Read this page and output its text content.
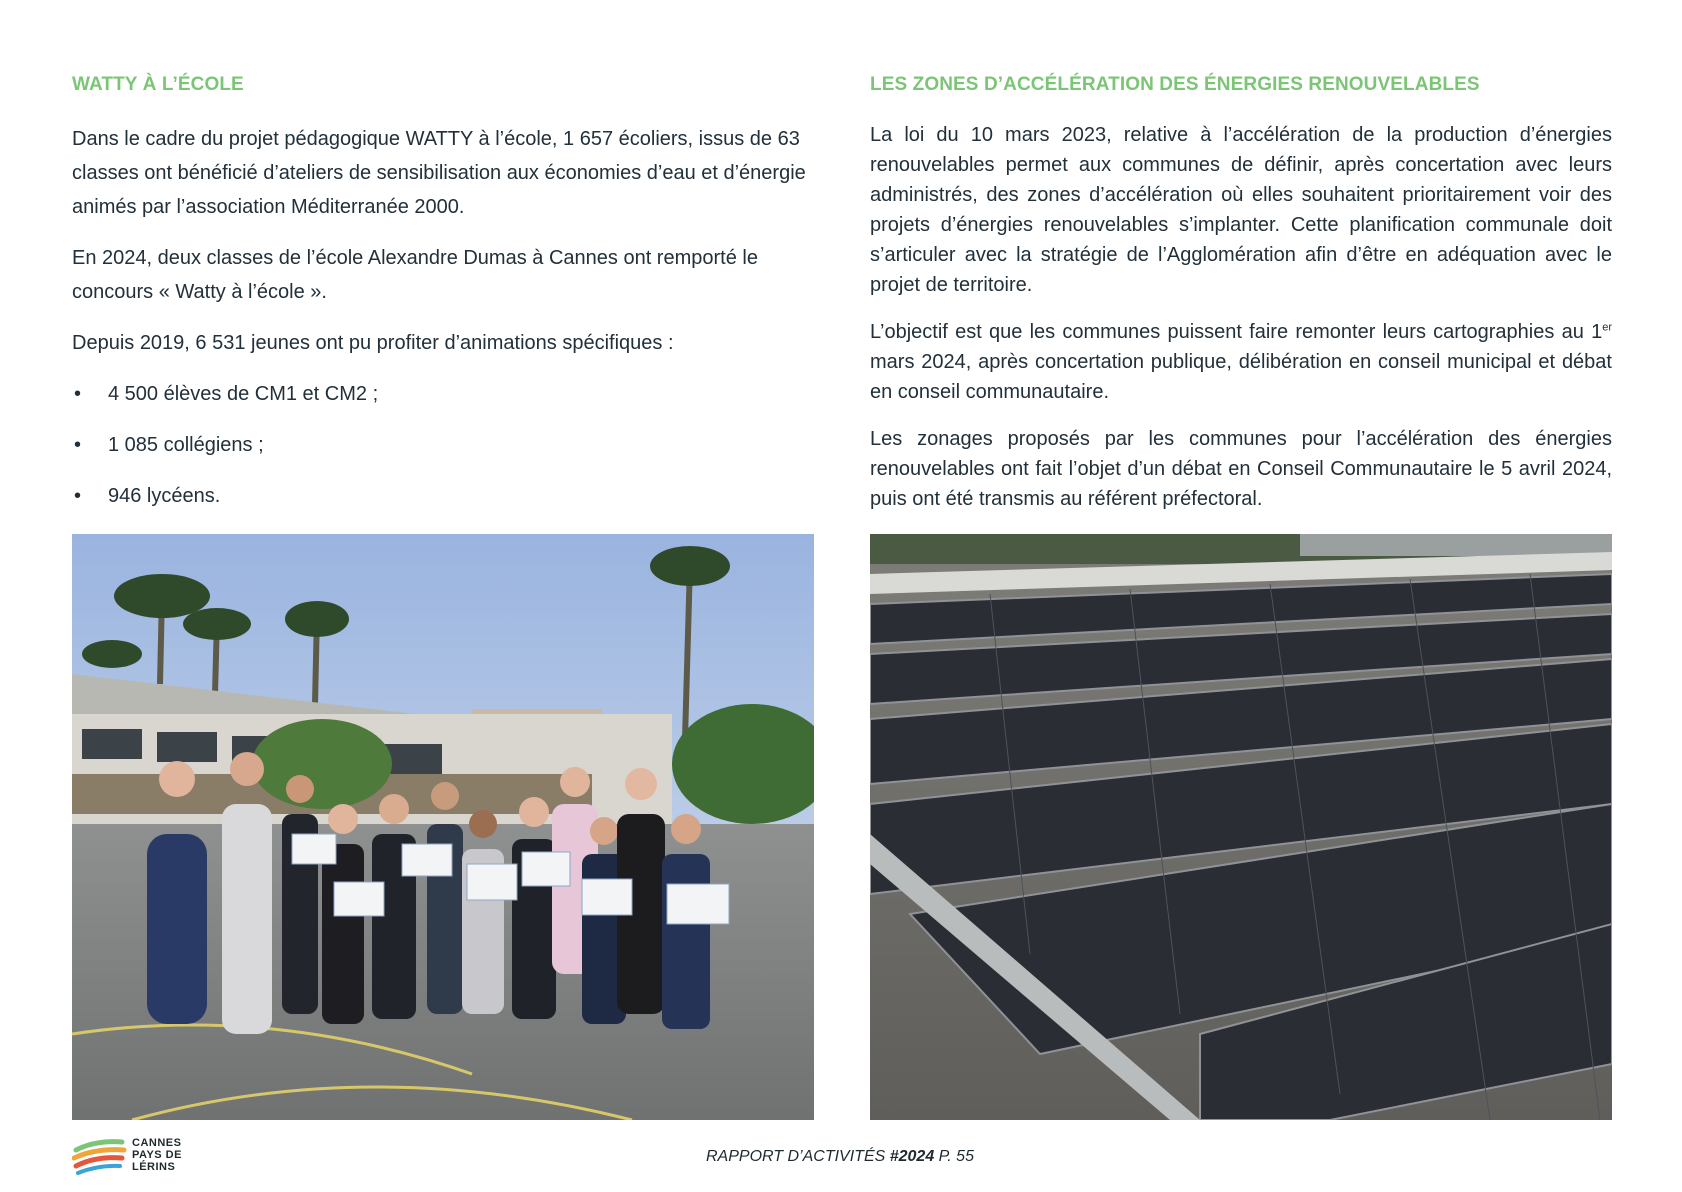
WATTY À L’ÉCOLE

Dans le cadre du projet pédagogique WATTY à l’école, 1 657 écoliers, issus de 63 classes ont bénéficié d’ateliers de sensibilisation aux économies d’eau et d’énergie animés par l’association Méditerranée 2000.

En 2024, deux classes de l’école Alexandre Dumas à Cannes ont remporté le concours « Watty à l’école ».

Depuis 2019, 6 531 jeunes ont pu profiter d’animations spécifiques :

• 4 500 élèves de CM1 et CM2 ;
• 1 085 collégiens ;
• 946 lycéens.
LES ZONES D’ACCÉLÉRATION DES ÉNERGIES RENOUVELABLES

La loi du 10 mars 2023, relative à l’accélération de la production d’énergies renouvelables permet aux communes de définir, après concertation avec leurs administrés, des zones d’accélération où elles souhaitent prioritairement voir des projets d’énergies renouvelables s’implanter. Cette planification communale doit s’articuler avec la stratégie de l’Agglomération afin d’être en adéquation avec le projet de territoire.

L’objectif est que les communes puissent faire remonter leurs cartographies au 1er mars 2024, après concertation publique, délibération en conseil municipal et débat en conseil communautaire.

Les zonages proposés par les communes pour l’accélération des énergies renouvelables ont fait l’objet d’un débat en Conseil Communautaire le 5 avril 2024, puis ont été transmis au référent préfectoral.

CANNES
PAYS DE
LÉRINS
RAPPORT D’ACTIVITÉS #2024 P. 55
